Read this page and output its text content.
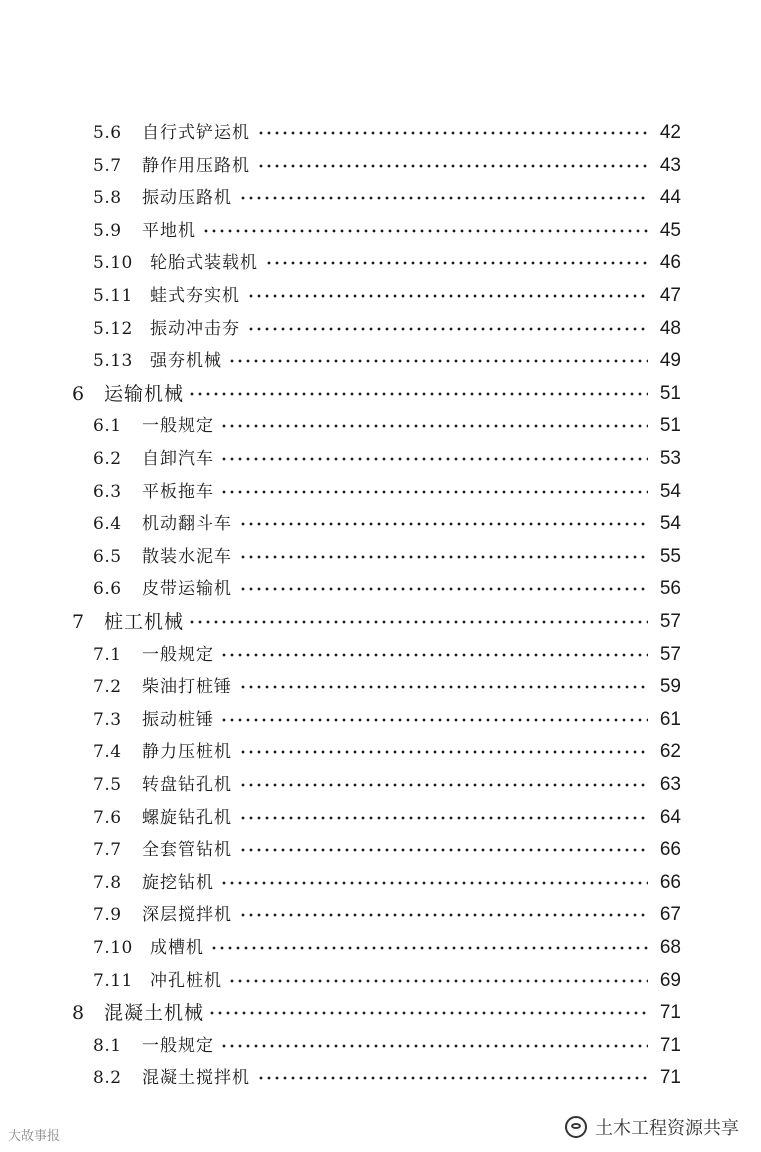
5.6 自行式铲运机	42
5.7 静作用压路机	43
5.8 振动压路机	44
5.9 平地机	45
5.10 轮胎式装载机	46
5.11 蛙式夯实机	47
5.12 振动冲击夯	48
5.13 强夯机械	49
6 运输机械	51
6.1 一般规定	51
6.2 自卸汽车	53
6.3 平板拖车	54
6.4 机动翻斗车	54
6.5 散装水泥车	55
6.6 皮带运输机	56
7 桩工机械	57
7.1 一般规定	57
7.2 柴油打桩锤	59
7.3 振动桩锤	61
7.4 静力压桩机	62
7.5 转盘钻孔机	63
7.6 螺旋钻孔机	64
7.7 全套管钻机	66
7.8 旋挖钻机	66
7.9 深层搅拌机	67
7.10 成槽机	68
7.11 冲孔桩机	69
8 混凝土机械	71
8.1 一般规定	71
8.2 混凝土搅拌机	71
大故事报	土木工程资源共享
